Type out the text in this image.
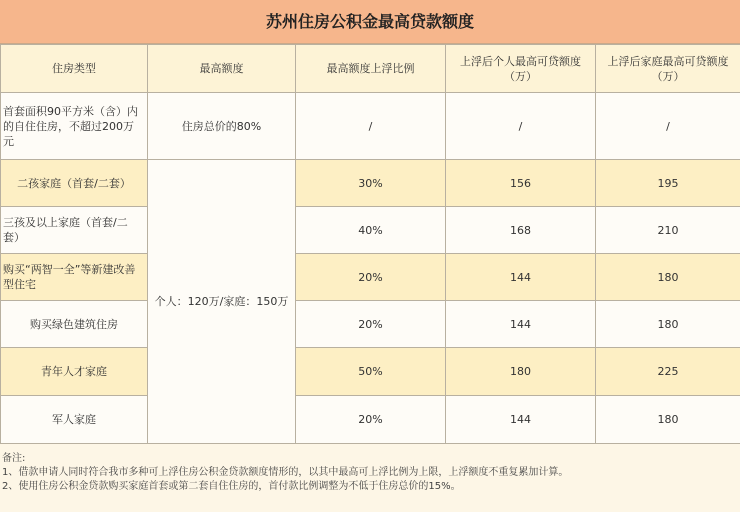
苏州住房公积金最高贷款额度
住房类型	最高额度	最高额度上浮比例	上浮后个人最高可贷额度（万）	上浮后家庭最高可贷额度（万）
首套面积90平方米（含）内的自住住房，不超过200万元	住房总价的80%	/	/	/
二孩家庭（首套/二套）	个人：120万/家庭：150万	30%	156	195
三孩及以上家庭（首套/二套）		40%	168	210
购买“两智一全”等新建改善型住宅		20%	144	180
购买绿色建筑住房		20%	144	180
青年人才家庭		50%	180	225
军人家庭		20%	144	180
备注:
1、借款申请人同时符合我市多种可上浮住房公积金贷款额度情形的，以其中最高可上浮比例为上限，上浮额度不重复累加计算。
2、使用住房公积金贷款购买家庭首套或第二套自住住房的，首付款比例调整为不低于住房总价的15%。
